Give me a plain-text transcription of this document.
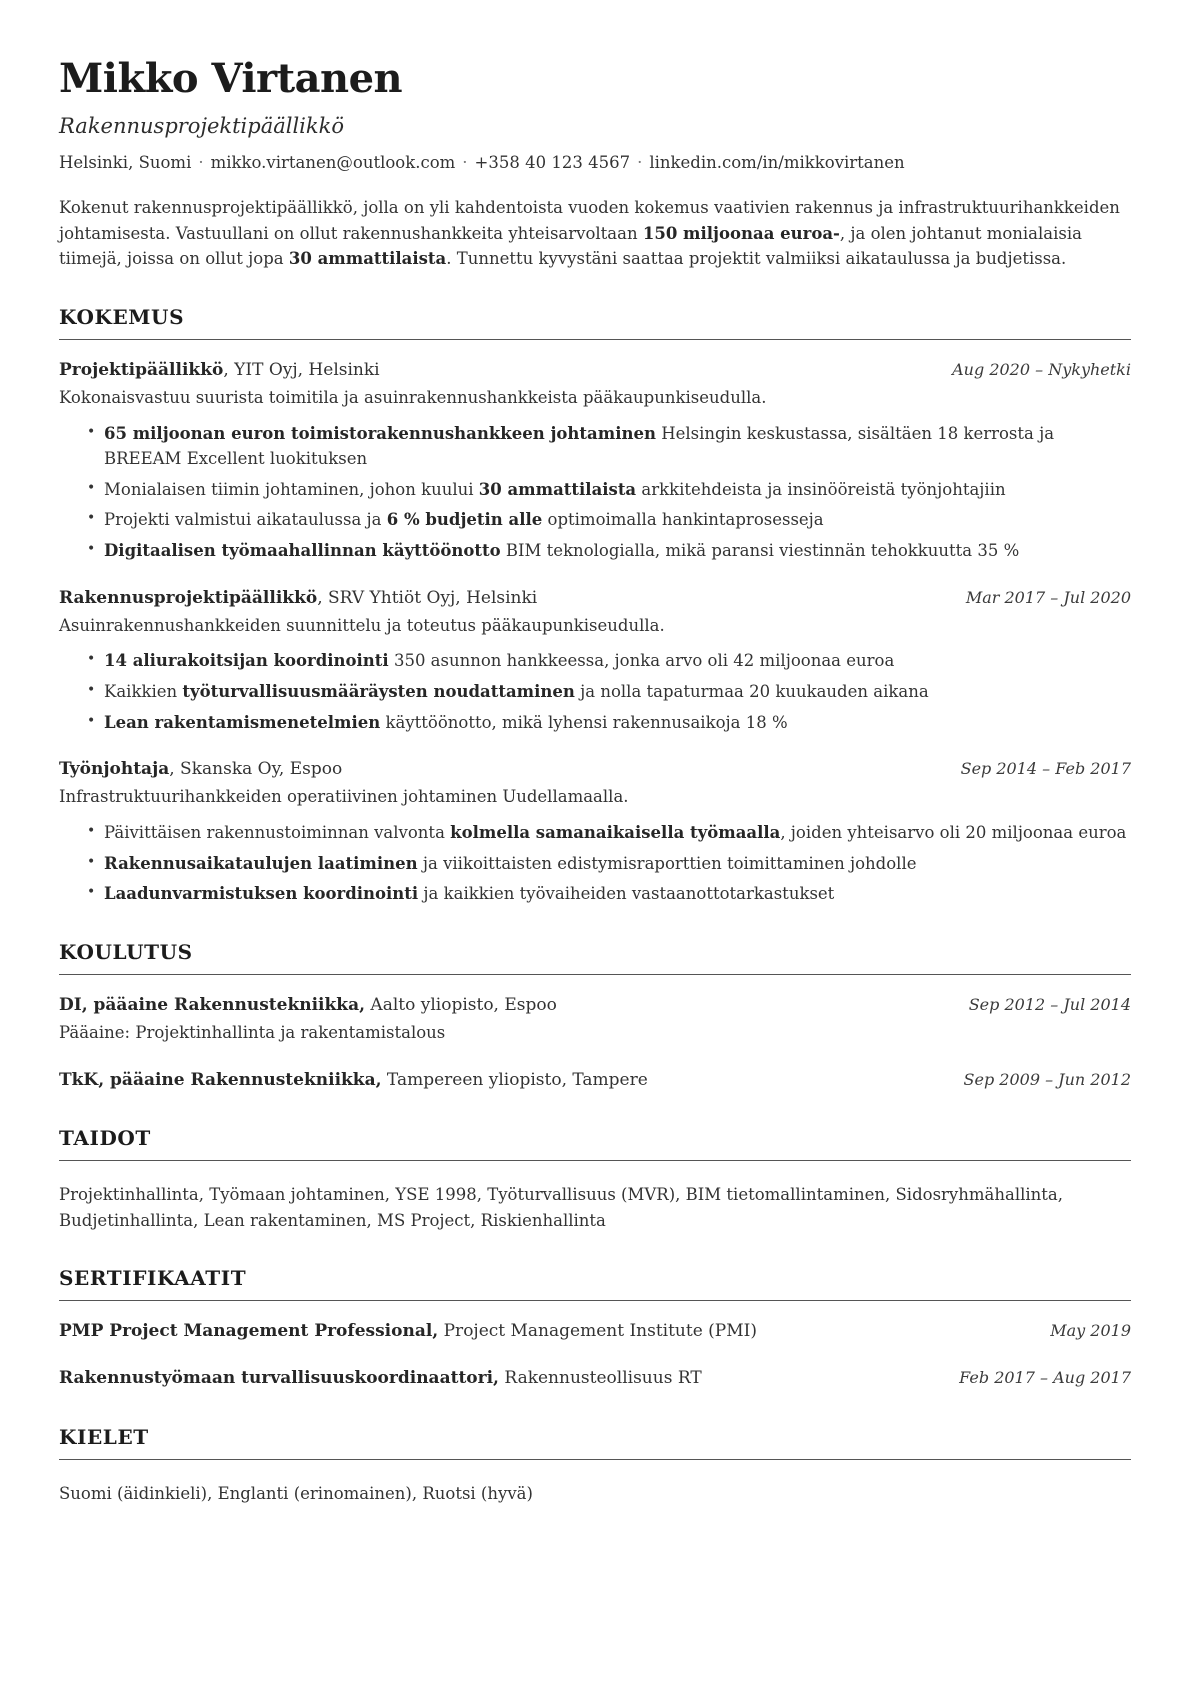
Mikko Virtanen
Rakennusprojektipäällikkö
Helsinki, Suomi · mikko.virtanen@outlook.com · +358 40 123 4567 · linkedin.com/in/mikkovirtanen

Kokenut rakennusprojektipäällikkö, jolla on yli kahdentoista vuoden kokemus vaativien rakennus ja infrastruktuurihankkeiden johtamisesta. Vastuullani on ollut rakennushankkeita yhteisarvoltaan 150 miljoonaa euroa-, ja olen johtanut monialaisia tiimejä, joissa on ollut jopa 30 ammattilaista. Tunnettu kyvystäni saattaa projektit valmiiksi aikataulussa ja budjetissa.

KOKEMUS
Projektipäällikkö, YIT Oyj, Helsinki	Aug 2020 – Nykyhetki
Kokonaisvastuu suurista toimitila ja asuinrakennushankkeista pääkaupunkiseudulla.
• 65 miljoonan euron toimistorakennushankkeen johtaminen Helsingin keskustassa, sisältäen 18 kerrosta ja BREEAM Excellent luokituksen
• Monialaisen tiimin johtaminen, johon kuului 30 ammattilaista arkkitehdeista ja insinööreistä työnjohtajiin
• Projekti valmistui aikataulussa ja 6 % budjetin alle optimoimalla hankintaprosesseja
• Digitaalisen työmaahallinnan käyttöönotto BIM teknologialla, mikä paransi viestinnän tehokkuutta 35 %
Rakennusprojektipäällikkö, SRV Yhtiöt Oyj, Helsinki	Mar 2017 – Jul 2020
Asuinrakennushankkeiden suunnittelu ja toteutus pääkaupunkiseudulla.
• 14 aliurakoitsijan koordinointi 350 asunnon hankkeessa, jonka arvo oli 42 miljoonaa euroa
• Kaikkien työturvallisuusmääräysten noudattaminen ja nolla tapaturmaa 20 kuukauden aikana
• Lean rakentamismenetelmien käyttöönotto, mikä lyhensi rakennusaikoja 18 %
Työnjohtaja, Skanska Oy, Espoo	Sep 2014 – Feb 2017
Infrastruktuurihankkeiden operatiivinen johtaminen Uudellamaalla.
• Päivittäisen rakennustoiminnan valvonta kolmella samanaikaisella työmaalla, joiden yhteisarvo oli 20 miljoonaa euroa
• Rakennusaikataulujen laatiminen ja viikoittaisten edistymisraporttien toimittaminen johdolle
• Laadunvarmistuksen koordinointi ja kaikkien työvaiheiden vastaanottotarkastukset
KOULUTUS
DI, pääaine Rakennustekniikka, Aalto yliopisto, Espoo	Sep 2012 – Jul 2014
Pääaine: Projektinhallinta ja rakentamistalous
TkK, pääaine Rakennustekniikka, Tampereen yliopisto, Tampere	Sep 2009 – Jun 2012
TAIDOT

Projektinhallinta, Työmaan johtaminen, YSE 1998, Työturvallisuus (MVR), BIM tietomallintaminen, Sidosryhmähallinta, Budjetinhallinta, Lean rakentaminen, MS Project, Riskienhallinta

SERTIFIKAATIT
PMP Project Management Professional, Project Management Institute (PMI)	May 2019
Rakennustyömaan turvallisuuskoordinaattori, Rakennusteollisuus RT	Feb 2017 – Aug 2017
KIELET

Suomi (äidinkieli), Englanti (erinomainen), Ruotsi (hyvä)
